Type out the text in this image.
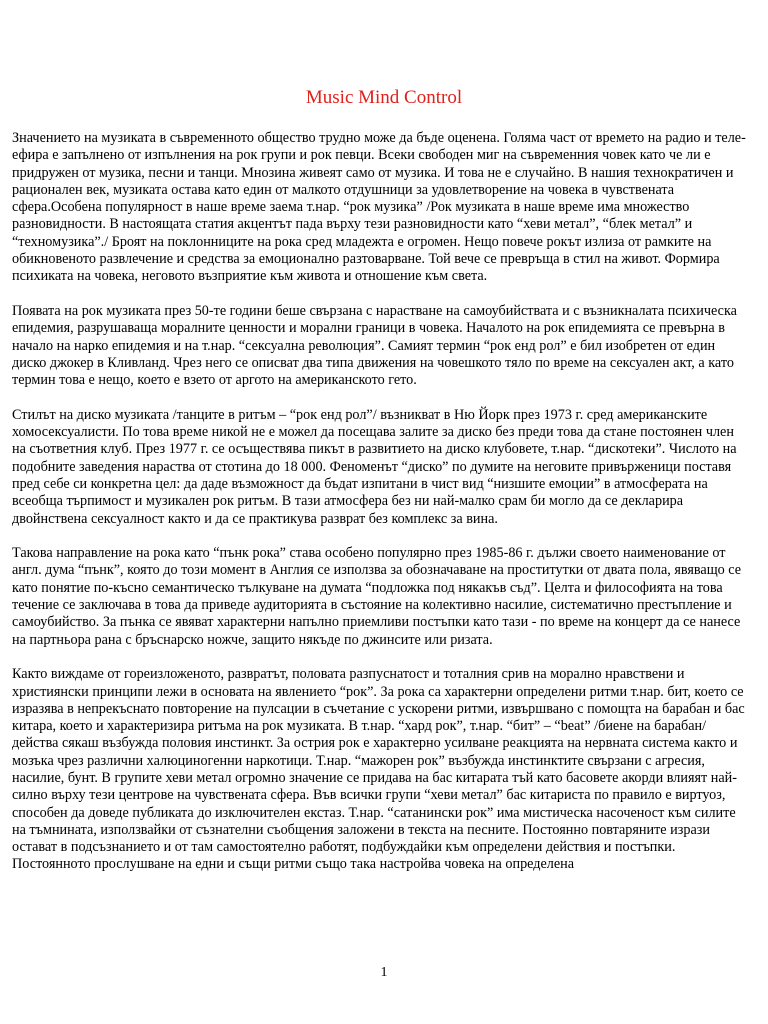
Music Mind Control

Значението на музиката в съвременното общество трудно може да бъде оценена. Голяма част от времето на радио и теле-ефира е запълнено от изпълнения на рок групи и рок певци. Всеки свободен миг на съвременния човек като че ли е придружен от музика, песни и танци. Мнозина живеят само от музика. И това не е случайно. В нашия технократичен и рационален век, музиката остава като един от малкото отдушници за удовлетворение на човека в чувствената сфера.Особена популярност в наше време заема т.нар. “рок музика” /Рок музиката в наше време има множество разновидности. В настоящата статия акцентът пада върху тези разновидности като “хеви метал”, “блек метал” и “техномузика”./ Броят на поклонниците на рока сред младежта е огромен. Нещо повече рокът излиза от рамките на обикновеното развлечение и средства за емоционално разтоварване. Той вече се превръща в стил на живот. Формира психиката на човека, неговото възприятие към живота и отношение към света.

Появата на рок музиката през 50-те години беше свързана с нарастване на самоубийствата и с възникналата психическа епидемия, разрушаваща моралните ценности и морални граници в човека. Началото на рок епидемията се превърна в начало на нарко епидемия и на т.нар. “сексуална революция”. Самият термин “рок енд рол” е бил изобретен от един диско джокер в Кливланд. Чрез него се описват два типа движения на човешкото тяло по време на сексуален акт, а като термин това е нещо, което е взето от аргото на американското гето.

Стилът на диско музиката /танците в ритъм – “рок енд рол”/ възникват в Ню Йорк през 1973 г. сред американските хомосексуалисти. По това време никой не е можел да посещава залите за диско без преди това да стане постоянен член на съответния клуб. През 1977 г. се осъществява пикът в развитието на диско клубовете, т.нар. “дискотеки”. Числото на подобните заведения нараства от стотина до 18 000. Феноменът “диско” по думите на неговите привърженици поставя пред себе си конкретна цел: да даде възможност да бъдат изпитани в чист вид “низшите емоции” в атмосферата на всеобща търпимост и музикален рок ритъм. В тази атмосфера без ни най-малко срам би могло да се декларира двойнствена сексуалност както и да се практикува разврат без комплекс за вина.

Такова направление на рока като “пънк рока” става особено популярно през 1985-86 г. дължи своето наименование от англ. дума “пънк”, която до този момент в Англия се използва за обозначаване на проститутки от двата пола, явяващо се като понятие по-късно семантическо тълкуване на думата “подложка под някакъв съд”. Целта и философията на това течение се заключава в това да приведе аудиторията в състояние на колективно насилие, систематично престъпление и самоубийство. За пънка се явяват характерни напълно приемливи постъпки като тази - по време на концерт да се нанесе на партньора рана с бръснарско ножче, защито някъде по джинсите или ризата.

Както виждаме от гореизложеното, развратът, половата разпуснатост и тоталния срив на морално нравствени и християнски принципи лежи в основата на явлението “рок”. За рока са характерни определени ритми т.нар. бит, което се изразява в непрекъснато повторение на пулсации в съчетание с ускорени ритми, извършвано с помощта на барабан и бас китара, което и характеризира ритъма на рок музиката. В т.нар. “хард рок”, т.нар. “бит” – “beat” /биене на барабан/ действа сякаш възбужда половия инстинкт. За острия рок е характерно усилване реакцията на нервната система както и мозъка чрез различни халюциногенни наркотици. Т.нар. “мажорен рок” възбужда инстинктите свързани с агресия, насилие, бунт. В групите хеви метал огромно значение се придава на бас китарата тъй като басовете акорди влияят най-силно върху тези центрове на чувствената сфера. Във всички групи “хеви метал” бас китариста по правило е виртуоз, способен да доведе публиката до изключителен екстаз. Т.нар. “сатанински рок” има мистическа насоченост към силите на тъмнината, използвайки от съзнателни съобщения заложени в текста на песните. Постоянно повтаряните изрази остават в подсъзнанието и от там самостоятелно работят, подбуждайки към определени действия и постъпки. Постоянното прослушване на едни и същи ритми също така настройва човека на определена

1
